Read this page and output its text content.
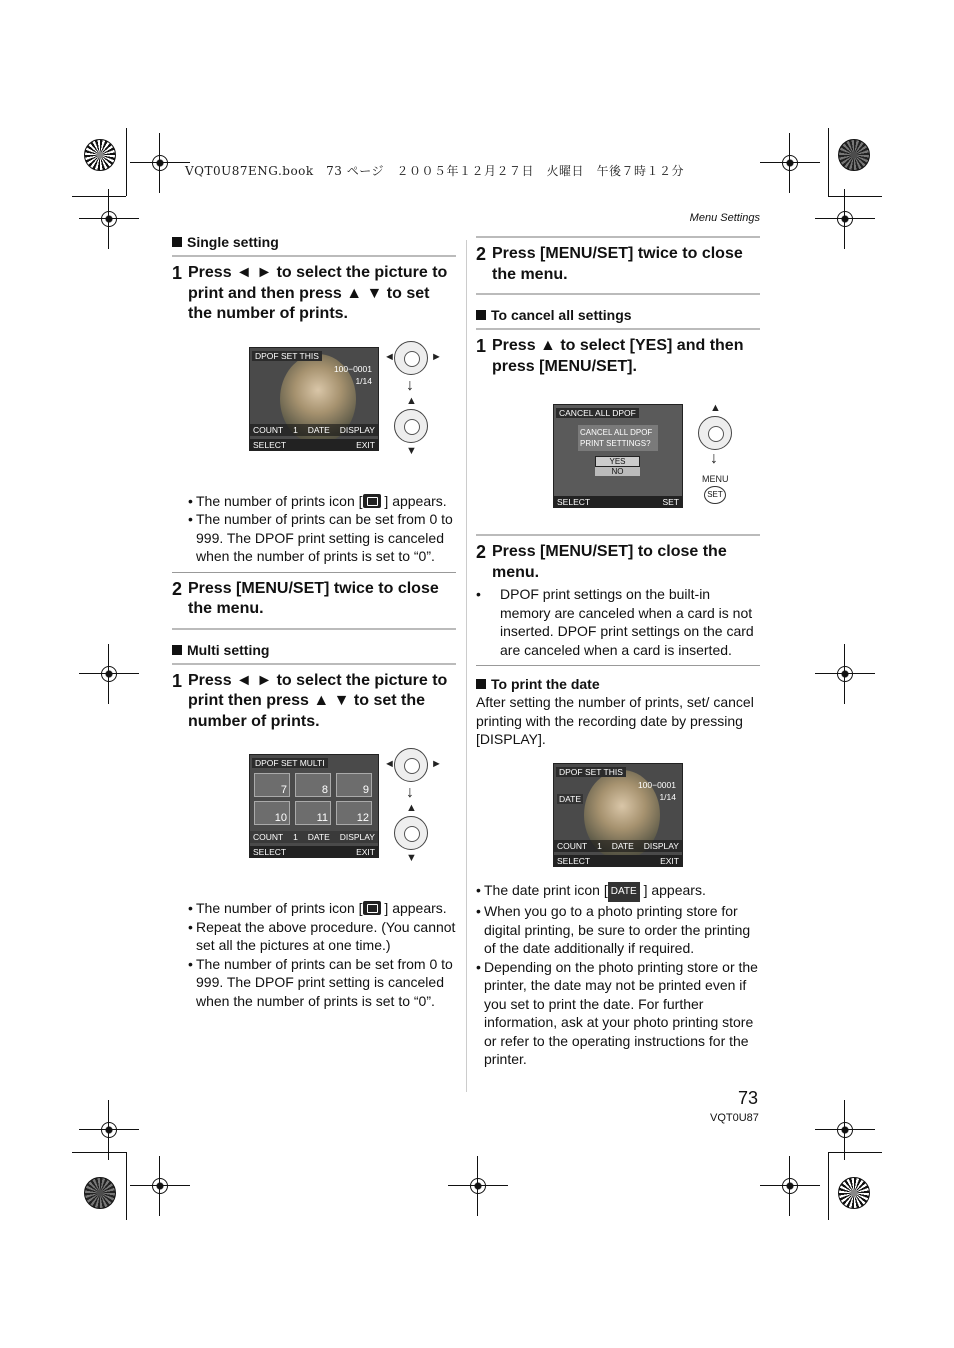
VQT0U87ENG.book　73 ページ　２００５年１２月２７日　火曜日　午後７時１２分
Menu Settings
Single setting
1 Press ◄ ► to select the picture to print and then press ▲ ▼ to set the number of prints.
DPOF SET THIS
100−0001
1/14
COUNT 1 DATE DISPLAY
SELECT	EXIT
◄	►
↓
▲
▼
• The number of prints icon [ ] appears.
• The number of prints can be set from 0 to 999. The DPOF print setting is canceled when the number of prints is set to “0”.
2 Press [MENU/SET] twice to close the menu.
Multi setting
1 Press ◄ ► to select the picture to print then press ▲ ▼ to set the number of prints.
DPOF SET MULTI
7	8	9
10	11	12
COUNT 1 DATE DISPLAY
SELECT	EXIT
◄	►
↓
▲
▼
• The number of prints icon [ ] appears.
• Repeat the above procedure. (You cannot set all the pictures at one time.)
• The number of prints can be set from 0 to 999. The DPOF print setting is canceled when the number of prints is set to “0”.
2 Press [MENU/SET] twice to close the menu.
To cancel all settings
1 Press ▲ to select [YES] and then press [MENU/SET].
CANCEL ALL DPOF
CANCEL ALL DPOF
PRINT SETTINGS?
YES
NO
SELECT	SET
▲
↓
MENU
SET
2 Press [MENU/SET] to close the menu.
• DPOF print settings on the built-in memory are canceled when a card is not inserted. DPOF print settings on the card are canceled when a card is inserted.
To print the date
After setting the number of prints, set/ cancel printing with the recording date by pressing [DISPLAY].
DPOF SET THIS
100−0001
1/14
DATE
COUNT 1 DATE DISPLAY
SELECT	EXIT
• The date print icon [ DATE ] appears.
• When you go to a photo printing store for digital printing, be sure to order the printing of the date additionally if required.
• Depending on the photo printing store or the printer, the date may not be printed even if you set to print the date. For further information, ask at your photo printing store or refer to the operating instructions for the printer.
73
VQT0U87
